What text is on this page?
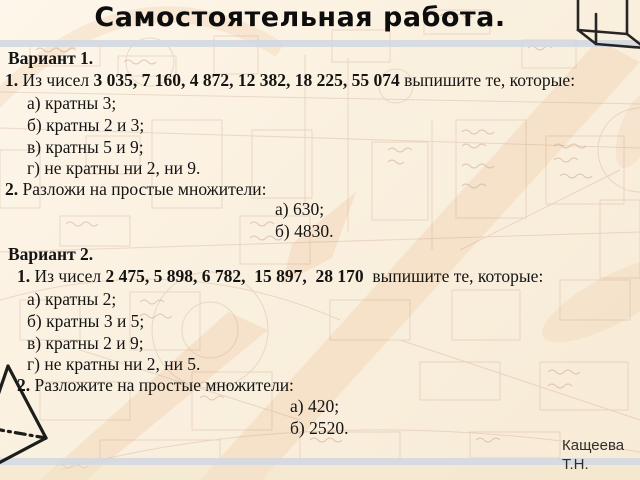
Самостоятельная работа.
Вариант 1.
1. Из чисел 3 035, 7 160, 4 872, 12 382, 18 225, 55 074 выпишите те, которые:
а) кратны 3;
б) кратны 2 и 3;
в) кратны 5 и 9;
г) не кратны ни 2, ни 9.
2. Разложи на простые множители:
а) 630;
б) 4830.
Вариант 2.
1. Из чисел 2 475, 5 898, 6 782,  15 897,  28 170  выпишите те, которые:
а) кратны 2;
б) кратны 3 и 5;
в) кратны 2 и 9;
г) не кратны ни 2, ни 5.
2. Разложите на простые множители:
а) 420;
б) 2520.
Кащеева Т.Н.
